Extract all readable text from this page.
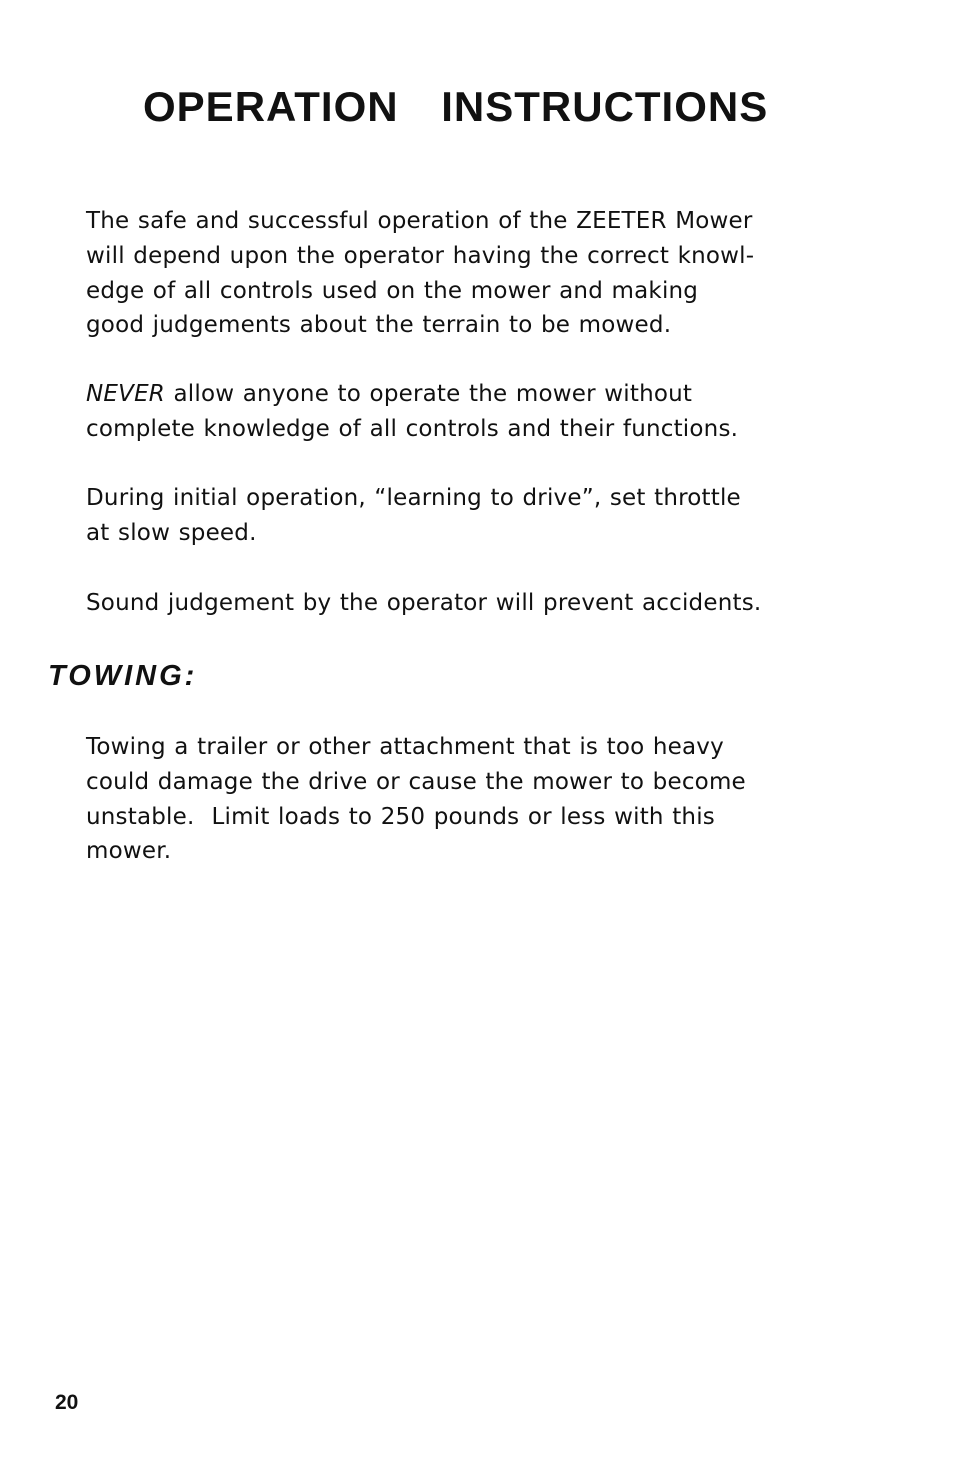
OPERATION INSTRUCTIONS

The safe and successful operation of the ZEETER Mower
will depend upon the operator having the correct knowl-
edge of all controls used on the mower and making
good judgements about the terrain to be mowed.

NEVER allow anyone to operate the mower without
complete knowledge of all controls and their functions.

During initial operation, “learning to drive”, set throttle
at slow speed.

Sound judgement by the operator will prevent accidents.

TOWING:

Towing a trailer or other attachment that is too heavy
could damage the drive or cause the mower to become
unstable.  Limit loads to 250 pounds or less with this
mower.

20
